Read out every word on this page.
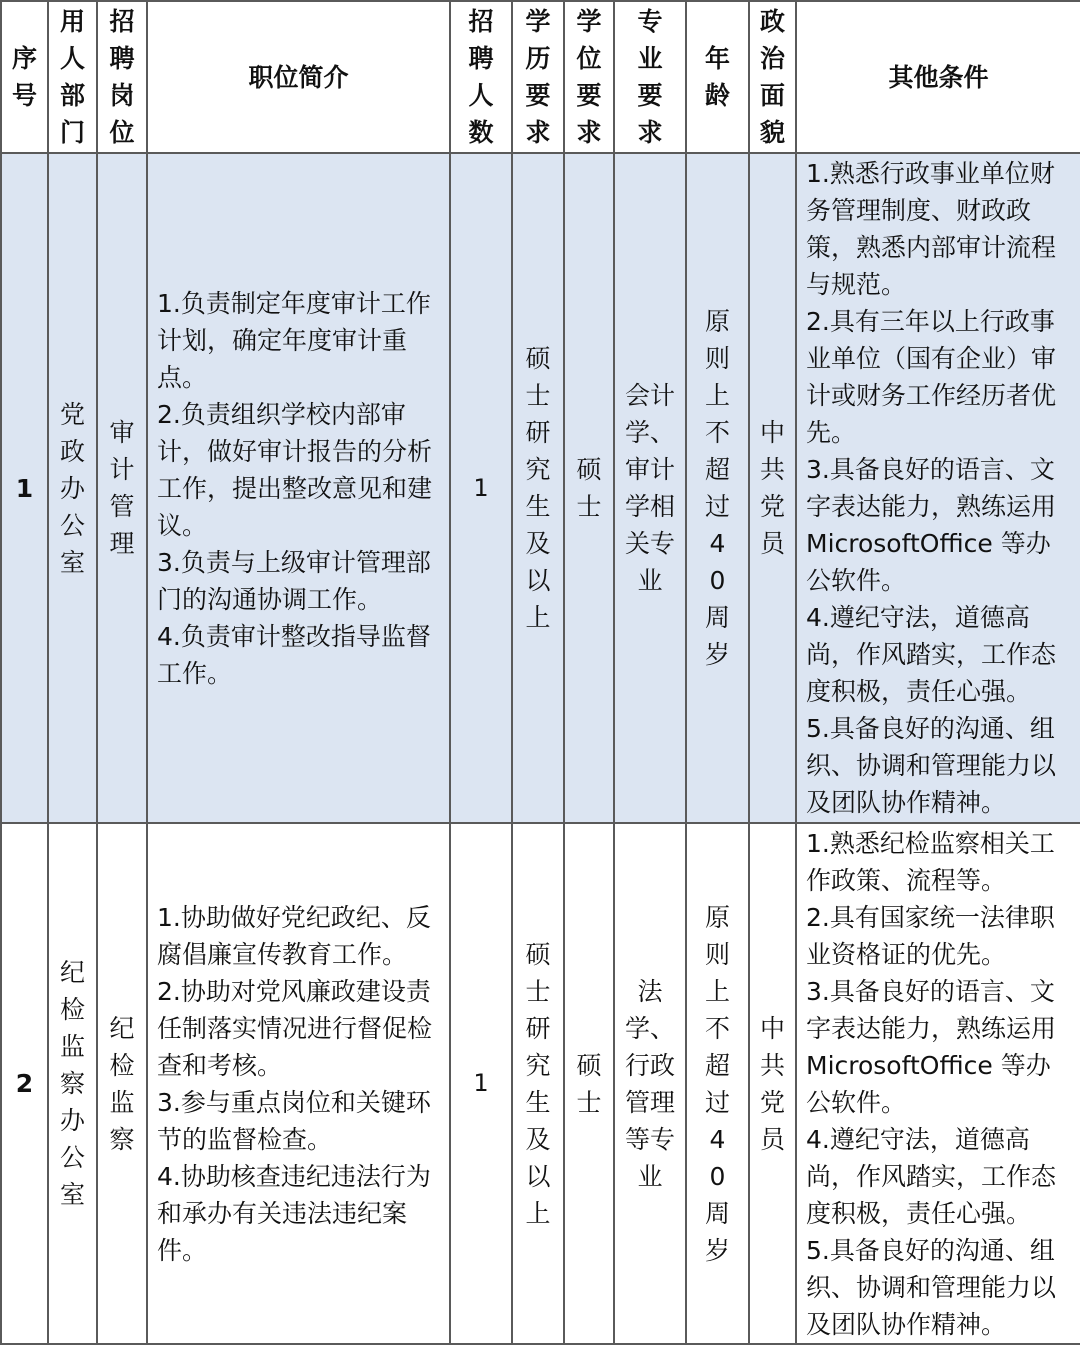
序号	用人部门	招聘岗位	职位简介	招聘人数	学历要求	学位要求	专业要求	年龄	政治面貌	其他条件
1	党政办公室	审计管理	1.负责制定年度审计工作计划，确定年度审计重点。
2.负责组织学校内部审计，做好审计报告的分析工作，提出整改意见和建议。
3.负责与上级审计管理部门的沟通协调工作。
4.负责审计整改指导监督工作。	1	硕士研究生及以上	硕士	会计学、审计学相关专业	原则上不超过40周岁	中共党员	1.熟悉行政事业单位财务管理制度、财政政策，熟悉内部审计流程与规范。
2.具有三年以上行政事业单位（国有企业）审计或财务工作经历者优先。
3.具备良好的语言、文字表达能力，熟练运用MicrosoftOffice 等办公软件。
4.遵纪守法，道德高尚，作风踏实，工作态度积极，责任心强。
5.具备良好的沟通、组织、协调和管理能力以及团队协作精神。

2	纪检监察办公室	纪检监察	1.协助做好党纪政纪、反腐倡廉宣传教育工作。
2.协助对党风廉政建设责任制落实情况进行督促检查和考核。
3.参与重点岗位和关键环节的监督检查。
4.协助核查违纪违法行为和承办有关违法违纪案件。	1	硕士研究生及以上	硕士	法学、行政管理等专业	原则上不超过40周岁	中共党员	1.熟悉纪检监察相关工作政策、流程等。
2.具有国家统一法律职业资格证的优先。
3.具备良好的语言、文字表达能力，熟练运用MicrosoftOffice 等办公软件。
4.遵纪守法，道德高尚，作风踏实，工作态度积极，责任心强。
5.具备良好的沟通、组织、协调和管理能力以及团队协作精神。
